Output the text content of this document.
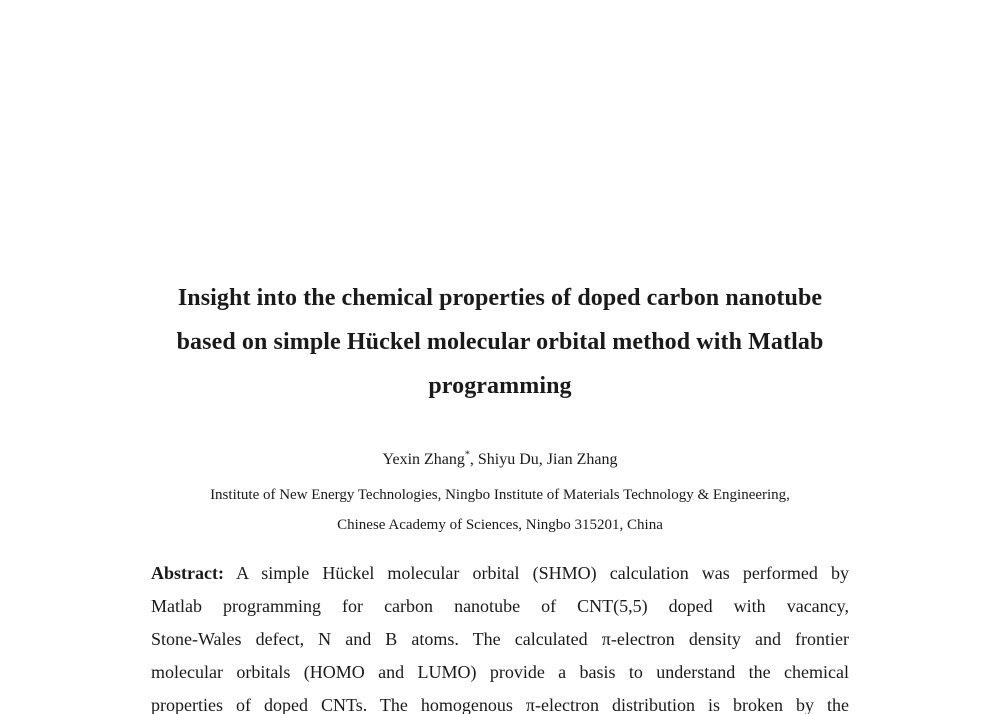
Insight into the chemical properties of doped carbon nanotube
based on simple Hückel molecular orbital method with Matlab
programming
Yexin Zhang*, Shiyu Du, Jian Zhang
Institute of New Energy Technologies, Ningbo Institute of Materials Technology & Engineering,
Chinese Academy of Sciences, Ningbo 315201, China
Abstract: A simple Hückel molecular orbital (SHMO) calculation was performed by
Matlab programming for carbon nanotube of CNT(5,5) doped with vacancy,
Stone-Wales defect, N and B atoms. The calculated π-electron density and frontier
molecular orbitals (HOMO and LUMO) provide a basis to understand the chemical
properties of doped CNTs. The homogenous π-electron distribution is broken by the
